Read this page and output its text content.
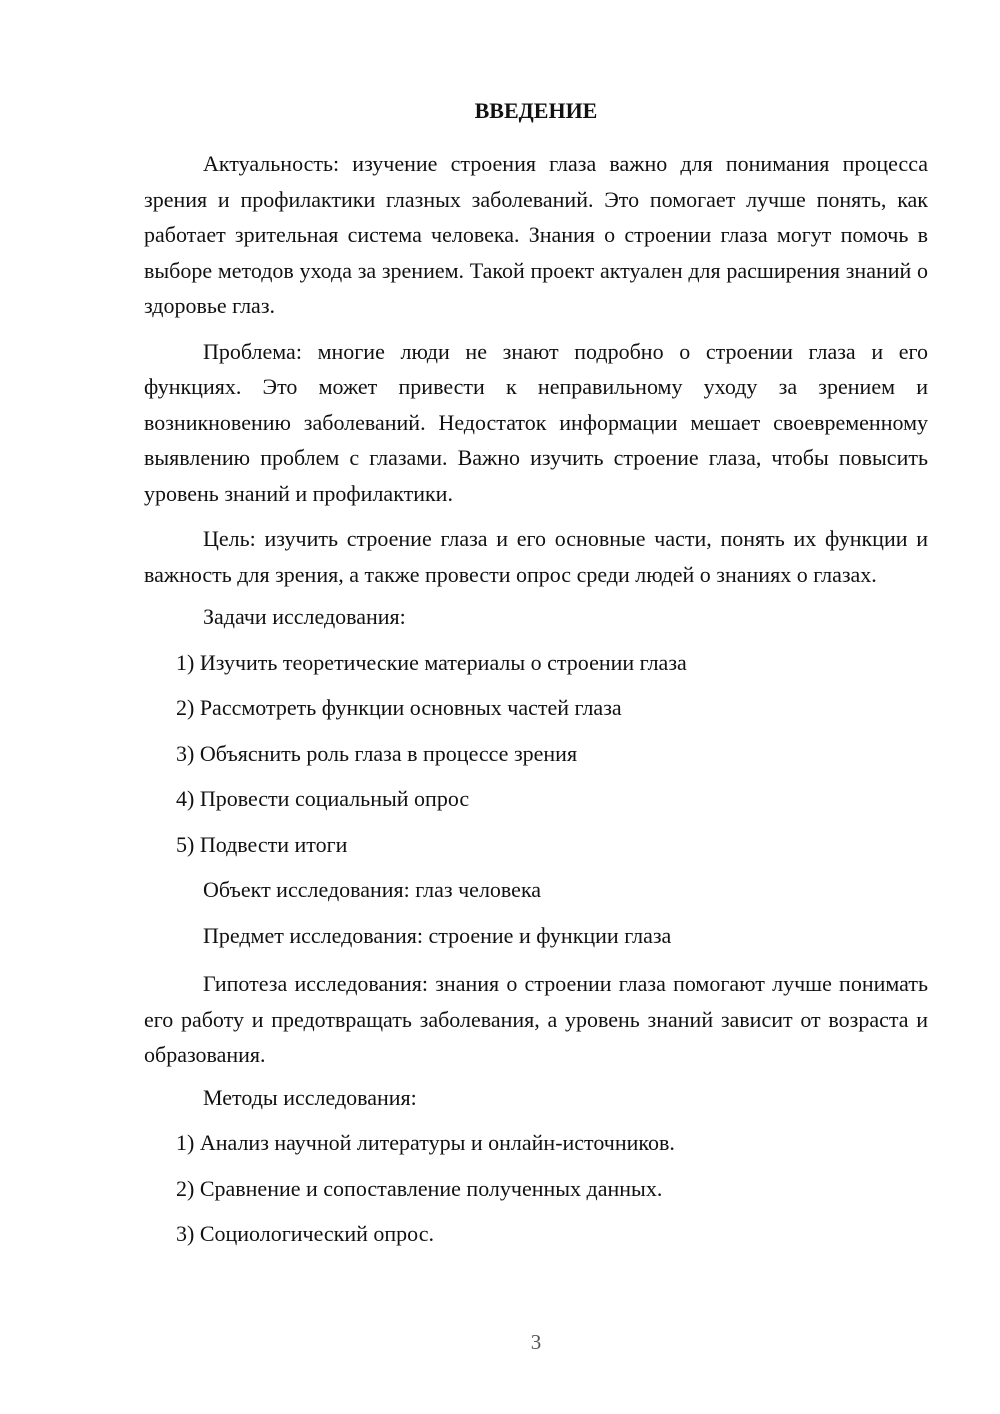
ВВЕДЕНИЕ

Актуальность: изучение строения глаза важно для понимания процесса зрения и профилактики глазных заболеваний. Это помогает лучше понять, как работает зрительная система человека. Знания о строении глаза могут помочь в выборе методов ухода за зрением. Такой проект актуален для расширения знаний о здоровье глаз.

Проблема: многие люди не знают подробно о строении глаза и его функциях. Это может привести к неправильному уходу за зрением и возникновению заболеваний. Недостаток информации мешает своевременному выявлению проблем с глазами. Важно изучить строение глаза, чтобы повысить уровень знаний и профилактики.

Цель: изучить строение глаза и его основные части, понять их функции и важность для зрения, а также провести опрос среди людей о знаниях о глазах.

Задачи исследования:
1) Изучить теоретические материалы о строении глаза
2) Рассмотреть функции основных частей глаза
3) Объяснить роль глаза в процессе зрения
4) Провести социальный опрос
5) Подвести итоги
Объект исследования: глаз человека
Предмет исследования: строение и функции глаза

Гипотеза исследования: знания о строении глаза помогают лучше понимать его работу и предотвращать заболевания, а уровень знаний зависит от возраста и образования.

Методы исследования:
1) Анализ научной литературы и онлайн-источников.
2) Сравнение и сопоставление полученных данных.
3) Социологический опрос.
3
